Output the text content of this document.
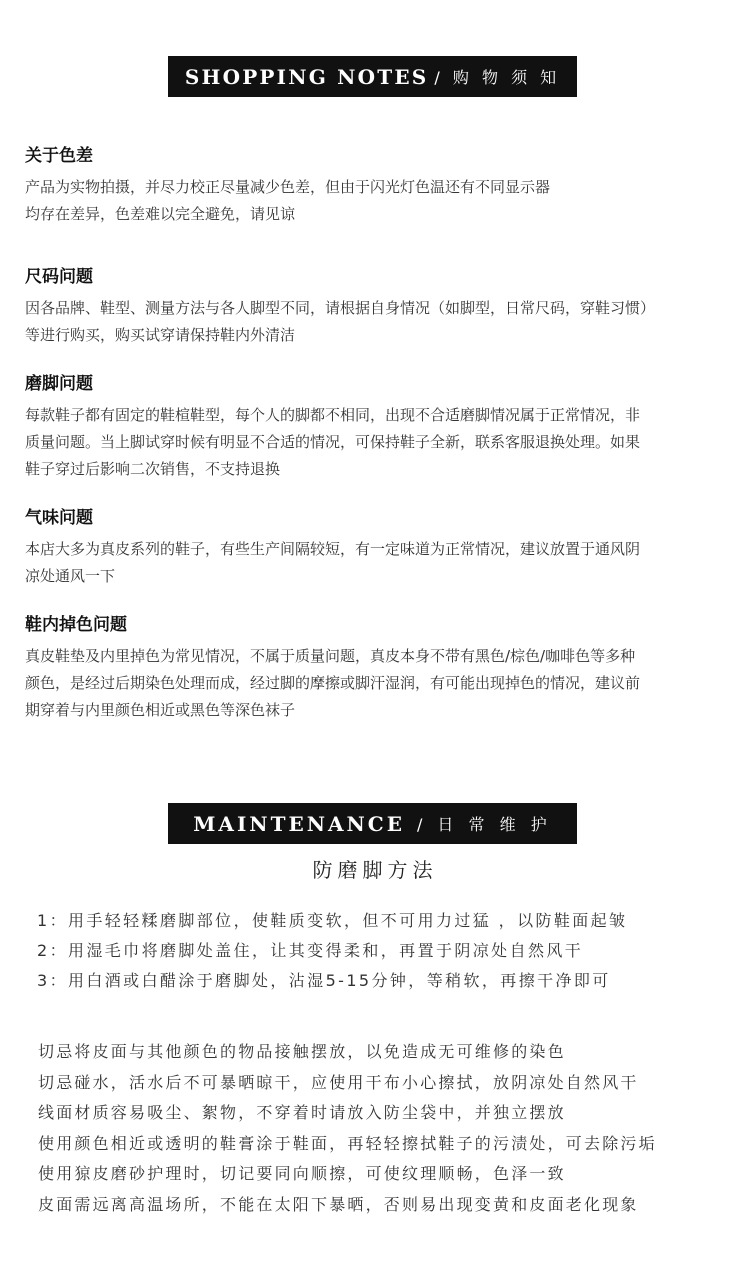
SHOPPING NOTES / 购 物 须 知

关于色差

产品为实物拍摄，并尽力校正尽量减少色差，但由于闪光灯色温还有不同显示器
均存在差异，色差难以完全避免，请见谅

尺码问题

因各品牌、鞋型、测量方法与各人脚型不同，请根据自身情况（如脚型，日常尺码，穿鞋习惯）
等进行购买，购买试穿请保持鞋内外清洁

磨脚问题

每款鞋子都有固定的鞋楦鞋型，每个人的脚都不相同，出现不合适磨脚情况属于正常情况，非
质量问题。当上脚试穿时候有明显不合适的情况，可保持鞋子全新，联系客服退换处理。如果
鞋子穿过后影响二次销售，不支持退换

气味问题

本店大多为真皮系列的鞋子，有些生产间隔较短，有一定味道为正常情况，建议放置于通风阴
凉处通风一下

鞋内掉色问题

真皮鞋垫及内里掉色为常见情况，不属于质量问题，真皮本身不带有黑色/棕色/咖啡色等多种
颜色，是经过后期染色处理而成，经过脚的摩擦或脚汗湿润，有可能出现掉色的情况，建议前
期穿着与内里颜色相近或黑色等深色袜子

MAINTENANCE / 日 常 维 护
防磨脚方法
1：用手轻轻糅磨脚部位，使鞋质变软，但不可用力过猛 ，以防鞋面起皱
2：用湿毛巾将磨脚处盖住，让其变得柔和，再置于阴凉处自然风干
3：用白酒或白醋涂于磨脚处，沾湿5-15分钟，等稍软，再擦干净即可
切忌将皮面与其他颜色的物品接触摆放，以免造成无可维修的染色
切忌碰水，活水后不可暴晒晾干，应使用干布小心擦拭，放阴凉处自然风干
线面材质容易吸尘、絮物，不穿着时请放入防尘袋中，并独立摆放
使用颜色相近或透明的鞋膏涂于鞋面，再轻轻擦拭鞋子的污渍处，可去除污垢
使用猄皮磨砂护理时，切记要同向顺擦，可使纹理顺畅，色泽一致
皮面需远离高温场所，不能在太阳下暴晒，否则易出现变黄和皮面老化现象
